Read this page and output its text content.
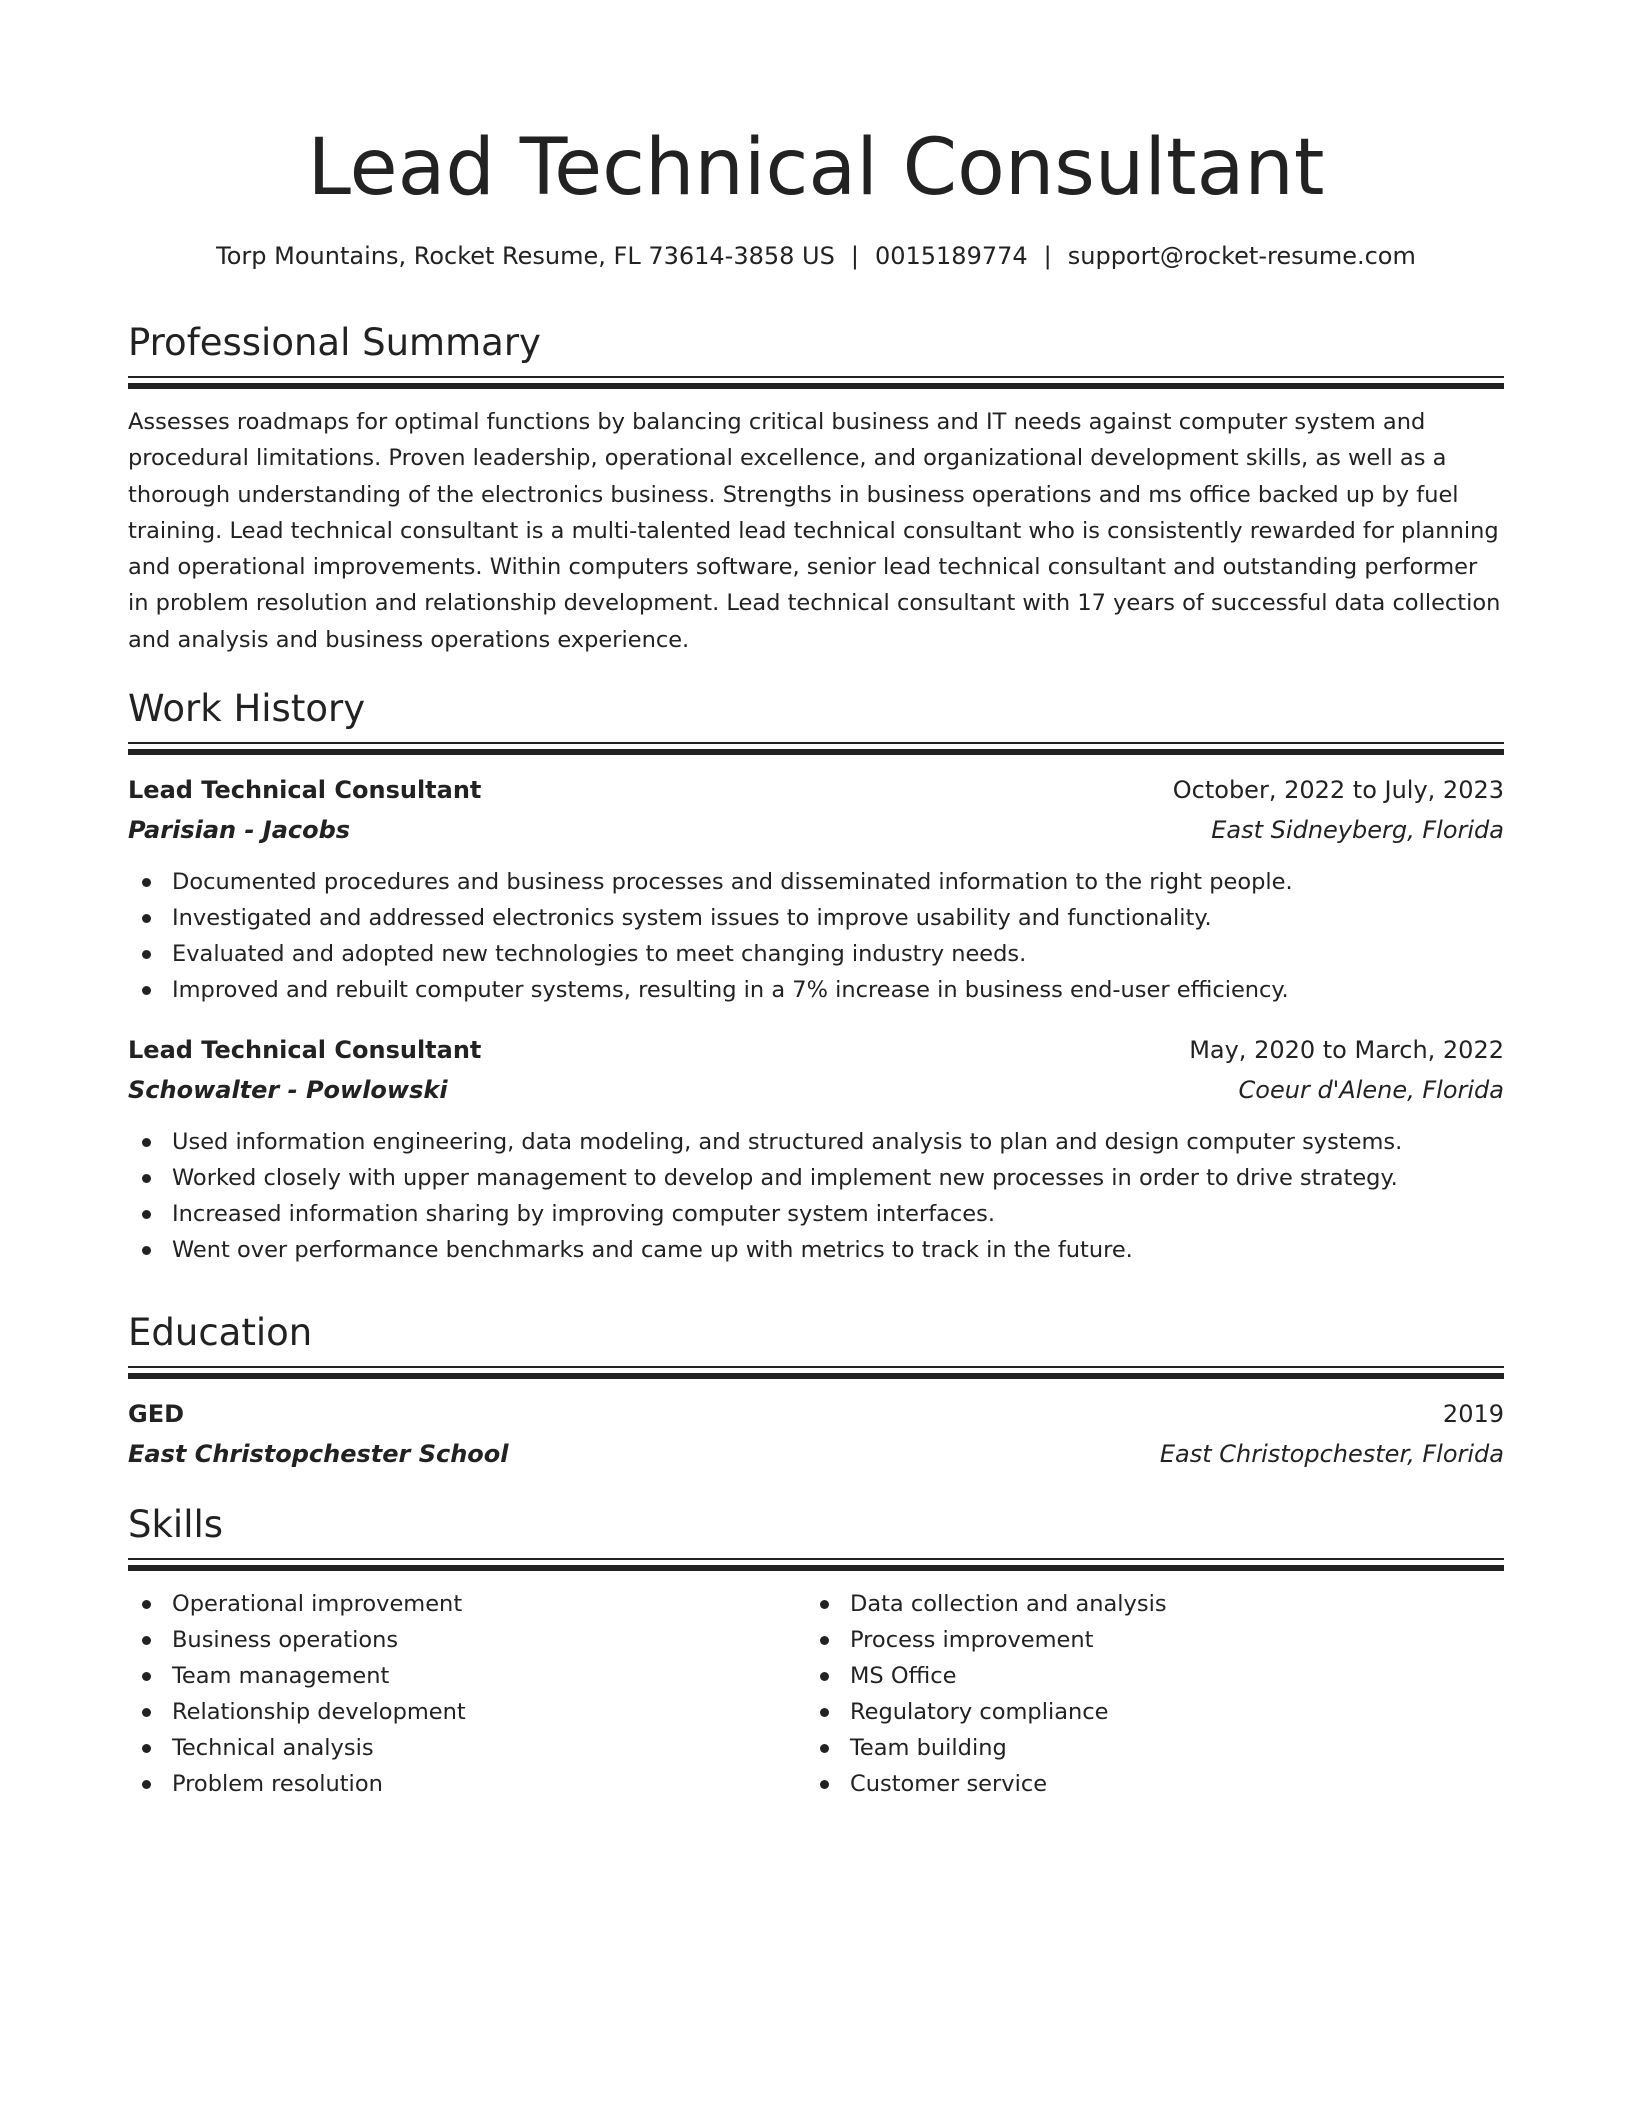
Lead Technical Consultant
Torp Mountains, Rocket Resume, FL 73614-3858 US | 0015189774 | support@rocket-resume.com
Professional Summary
Assesses roadmaps for optimal functions by balancing critical business and IT needs against computer system and procedural limitations. Proven leadership, operational excellence, and organizational development skills, as well as a thorough understanding of the electronics business. Strengths in business operations and ms office backed up by fuel training. Lead technical consultant is a multi-talented lead technical consultant who is consistently rewarded for planning and operational improvements. Within computers software, senior lead technical consultant and outstanding performer in problem resolution and relationship development. Lead technical consultant with 17 years of successful data collection and analysis and business operations experience.
Work History
Lead Technical Consultant	October, 2022 to July, 2023
Parisian - Jacobs	East Sidneyberg, Florida
Documented procedures and business processes and disseminated information to the right people.
Investigated and addressed electronics system issues to improve usability and functionality.
Evaluated and adopted new technologies to meet changing industry needs.
Improved and rebuilt computer systems, resulting in a 7% increase in business end-user efficiency.
Lead Technical Consultant	May, 2020 to March, 2022
Schowalter - Powlowski	Coeur d'Alene, Florida
Used information engineering, data modeling, and structured analysis to plan and design computer systems.
Worked closely with upper management to develop and implement new processes in order to drive strategy.
Increased information sharing by improving computer system interfaces.
Went over performance benchmarks and came up with metrics to track in the future.
Education
GED	2019
East Christopchester School	East Christopchester, Florida
Skills
Operational improvement
Business operations
Team management
Relationship development
Technical analysis
Problem resolution
Data collection and analysis
Process improvement
MS Office
Regulatory compliance
Team building
Customer service
